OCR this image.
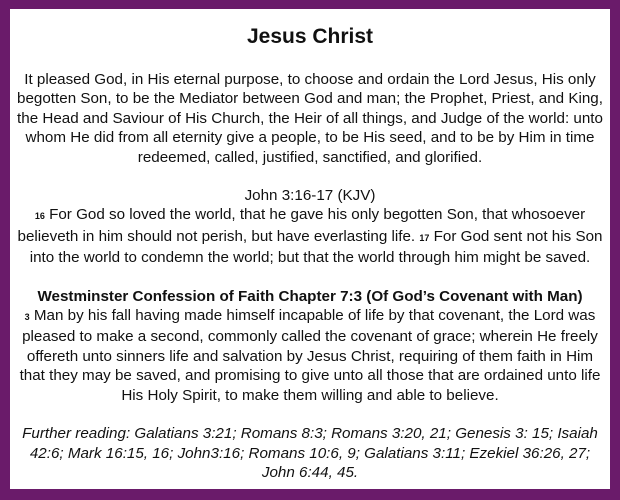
Jesus Christ

It pleased God, in His eternal purpose, to choose and ordain the Lord Jesus, His only begotten Son, to be the Mediator between God and man; the Prophet, Priest, and King, the Head and Saviour of His Church, the Heir of all things, and Judge of the world: unto whom He did from all eternity give a people, to be His seed, and to be by Him in time redeemed, called, justified, sanctified, and glorified.

John 3:16-17 (KJV)

16 For God so loved the world, that he gave his only begotten Son, that whosoever believeth in him should not perish, but have everlasting life. 17 For God sent not his Son into the world to condemn the world; but that the world through him might be saved.

Westminster Confession of Faith Chapter 7:3 (Of God’s Covenant with Man)

3 Man by his fall having made himself incapable of life by that covenant, the Lord was pleased to make a second, commonly called the covenant of grace; wherein He freely offereth unto sinners life and salvation by Jesus Christ, requiring of them faith in Him that they may be saved, and promising to give unto all those that are ordained unto life His Holy Spirit, to make them willing and able to believe.

Further reading: Galatians 3:21; Romans 8:3; Romans 3:20, 21; Genesis 3: 15; Isaiah 42:6; Mark 16:15, 16; John3:16; Romans 10:6, 9; Galatians 3:11; Ezekiel 36:26, 27; John 6:44, 45.
